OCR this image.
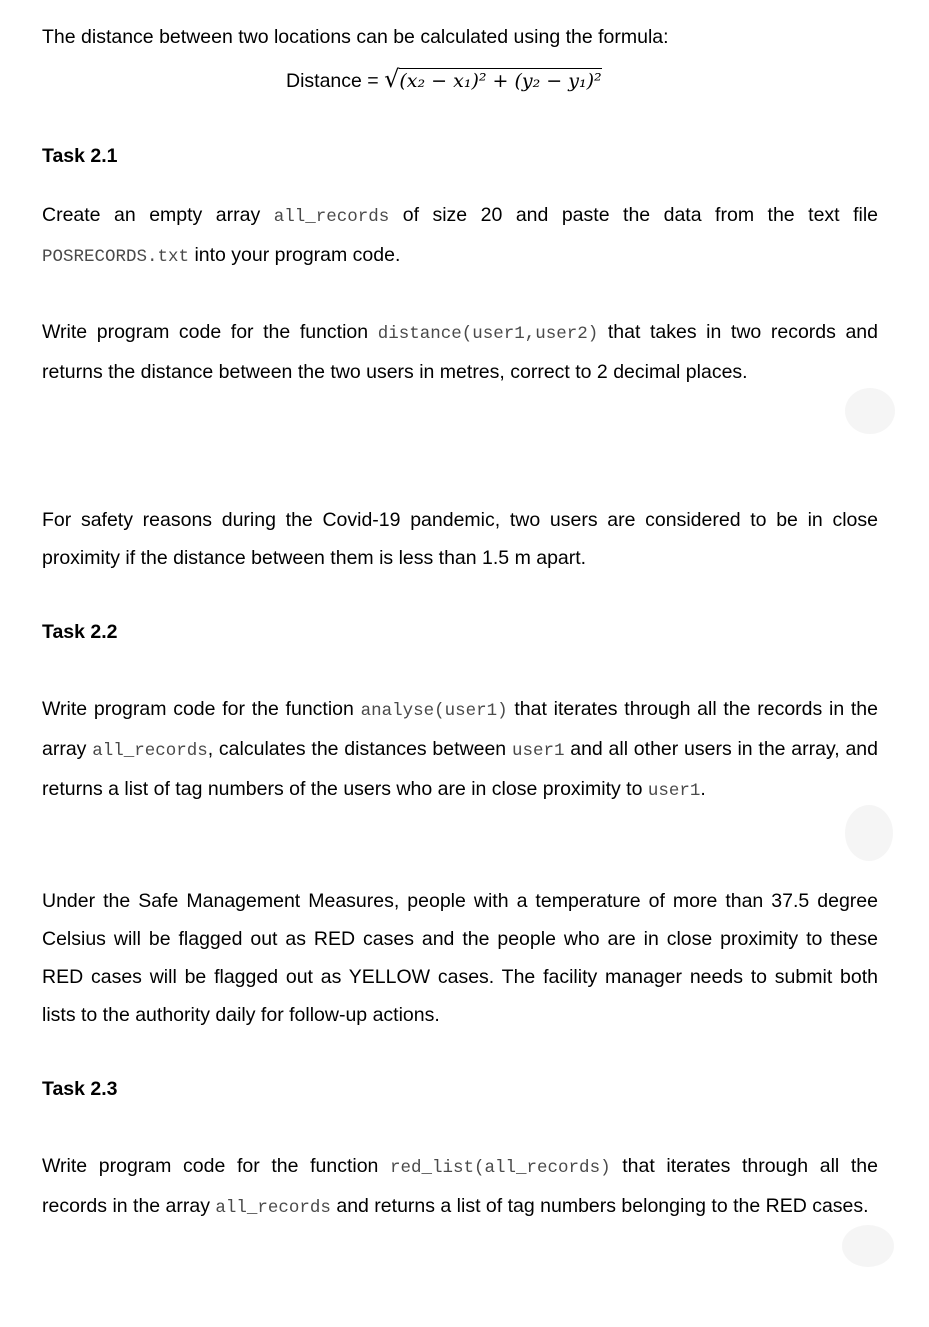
The distance between two locations can be calculated using the formula:

Distance = √(x₂ − x₁)² + (y₂ − y₁)²

Task 2.1

Create an empty array all_records of size 20 and paste the data from the text file POSRECORDS.txt into your program code.

Write program code for the function distance(user1,user2) that takes in two records and returns the distance between the two users in metres, correct to 2 decimal places.

For safety reasons during the Covid-19 pandemic, two users are considered to be in close proximity if the distance between them is less than 1.5 m apart.

Task 2.2

Write program code for the function analyse(user1) that iterates through all the records in the array all_records, calculates the distances between user1 and all other users in the array, and returns a list of tag numbers of the users who are in close proximity to user1.

Under the Safe Management Measures, people with a temperature of more than 37.5 degree Celsius will be flagged out as RED cases and the people who are in close proximity to these RED cases will be flagged out as YELLOW cases. The facility manager needs to submit both lists to the authority daily for follow-up actions.

Task 2.3

Write program code for the function red_list(all_records) that iterates through all the records in the array all_records and returns a list of tag numbers belonging to the RED cases.
